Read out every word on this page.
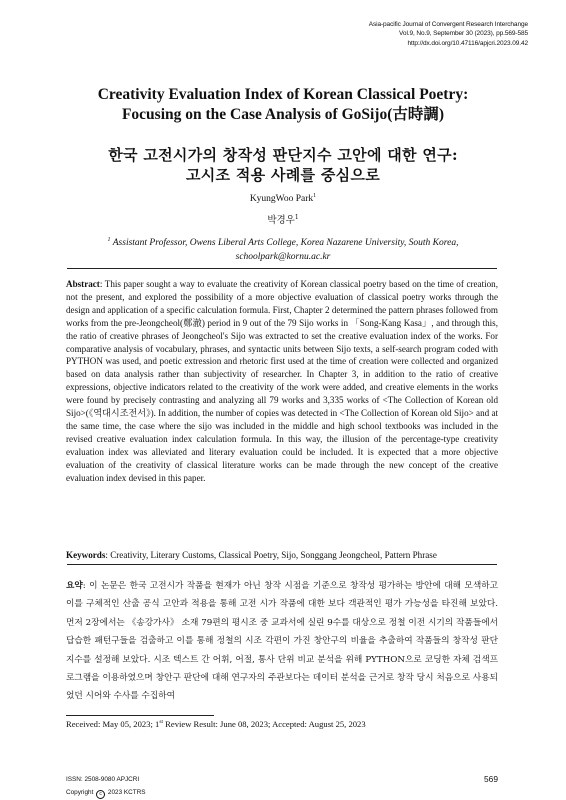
Asia-pacific Journal of Convergent Research Interchange
Vol.9, No.9, September 30 (2023), pp.569-585
http://dx.doi.org/10.47116/apjcri.2023.09.42
Creativity Evaluation Index of Korean Classical Poetry:
Focusing on the Case Analysis of GoSijo(古時調)
한국 고전시가의 창작성 판단지수 고안에 대한 연구:
고시조 적용 사례를 중심으로
KyungWoo Park$^1$
박경우$^1$
$^1$ Assistant Professor, Owens Liberal Arts College, Korea Nazarene University, South Korea,
schoolpark@kornu.ac.kr
Abstract: This paper sought a way to evaluate the creativity of Korean classical poetry based on the time of creation, not the present, and explored the possibility of a more objective evaluation of classical poetry works through the design and application of a specific calculation formula. First, Chapter 2 determined the pattern phrases followed from works from the pre-Jeongcheol(鄭澈) period in 9 out of the 79 Sijo works in 「Song-Kang Kasa」, and through this, the ratio of creative phrases of Jeongcheol's Sijo was extracted to set the creative evaluation index of the works. For comparative analysis of vocabulary, phrases, and syntactic units between Sijo texts, a self-search program coded with PYTHON was used, and poetic extression and rhetoric first used at the time of creation were collected and organized based on data analysis rather than subjectivity of researcher. In Chapter 3, in addition to the ratio of creative expressions, objective indicators related to the creativity of the work were added, and creative elements in the works were found by precisely contrasting and analyzing all 79 works and 3,335 works of <The Collection of Korean old Sijo>(《역대시조전서》). In addition, the number of copies was detected in <The Collection of Korean old Sijo> and at the same time, the case where the sijo was included in the middle and high school textbooks was included in the revised creative evaluation index calculation formula. In this way, the illusion of the percentage-type creativity evaluation index was alleviated and literary evaluation could be included. It is expected that a more objective evaluation of the creativity of classical literature works can be made through the new concept of the creative evaluation index devised in this paper.
Keywords: Creativity, Literary Customs, Classical Poetry, Sijo, Songgang Jeongcheol, Pattern Phrase
요약: 이 논문은 한국 고전시가 작품을 현재가 아닌 창작 시점을 기준으로 창작성 평가하는 방안에 대해 모색하고 이를 구체적인 산출 공식 고안과 적용을 통해 고전 시가 작품에 대한 보다 객관적인 평가 가능성을 타진해 보았다. 먼저 2장에서는 《송강가사》 소재 79편의 평시조 중 교과서에 실린 9수를 대상으로 정철 이전 시기의 작품들에서 답습한 패턴구들을 검출하고 이를 통해 정철의 시조 각편이 가진 창안구의 비율을 추출하여 작품들의 창작성 판단지수를 설정해 보았다. 시조 텍스트 간 어휘, 어절, 통사 단위 비교 분석을 위해 PYTHON으로 코딩한 자체 검색프로그램을 이용하였으며 창안구 판단에 대해 연구자의 주관보다는 데이터 분석을 근거로 창작 당시 처음으로 사용되었던 시어와 수사를 수집하여
Received: May 05, 2023; 1st Review Result: June 08, 2023; Accepted: August 25, 2023
ISSN: 2508-9080 APJCRI
Copyright c 2023 KCTRS
569
